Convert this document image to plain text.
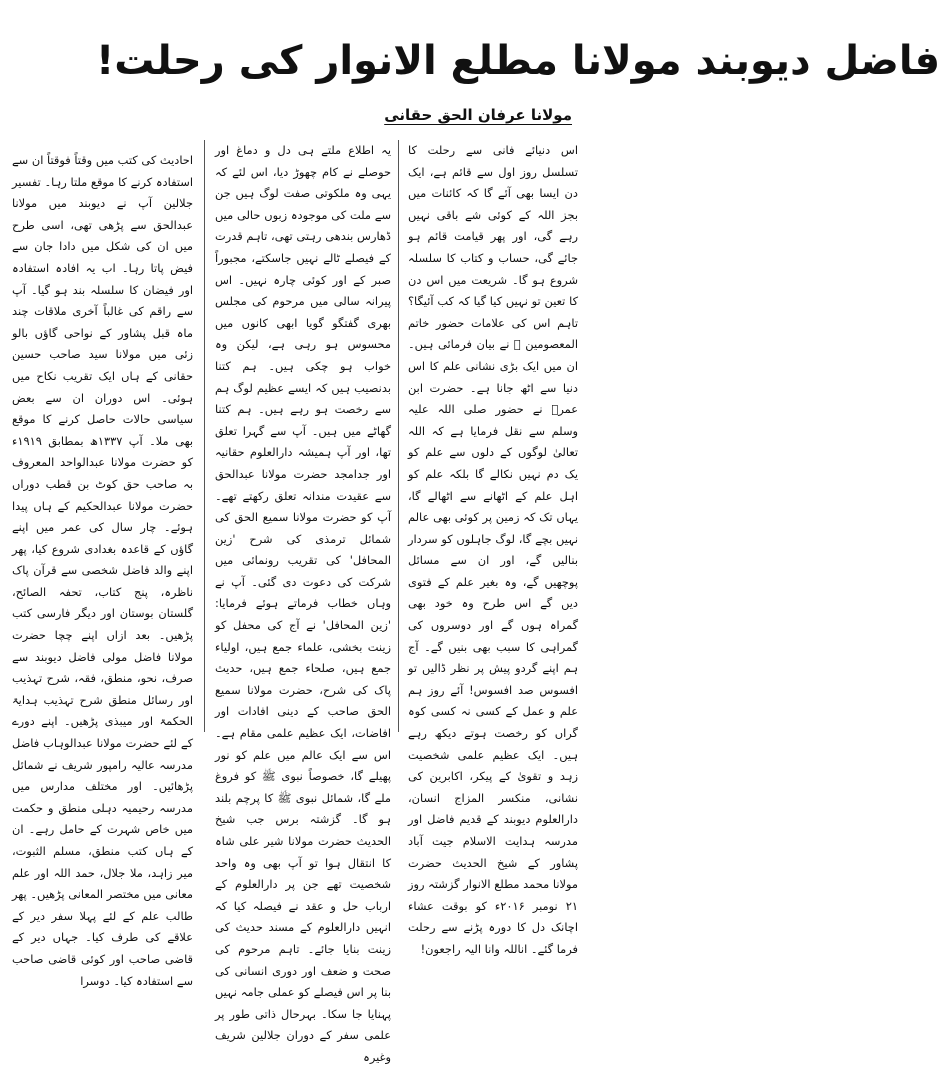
فاضل دیوبند مولانا مطلع الانوار کی رحلت!
مولانا عرفان الحق حقانی

اس دنیائے فانی سے رحلت کا تسلسل روز اول سے قائم ہے، ایک دن ایسا بھی آئے گا کہ کائنات میں بجز اللہ کے کوئی شے باقی نہیں رہے گی، اور پھر قیامت قائم ہو جائے گی، حساب و کتاب کا سلسلہ شروع ہو گا۔ شریعت میں اس دن کا تعین تو نہیں کیا گیا کہ کب آئیگا؟ تاہم اس کی علامات حضور خاتم المعصومین ﷺ نے بیان فرمائی ہیں۔ ان میں ایک بڑی نشانی علم کا اس دنیا سے اٹھ جانا ہے۔ حضرت ابن عمرؓ نے حضور صلی اللہ علیہ وسلم سے نقل فرمایا ہے کہ اللہ تعالیٰ لوگوں کے دلوں سے علم کو یک دم نہیں نکالے گا بلکہ علم کو اہل علم کے اٹھانے سے اٹھالے گا، یہاں تک کہ زمین پر کوئی بھی عالم نہیں بچے گا، لوگ جاہلوں کو سردار بنالیں گے، اور ان سے مسائل پوچھیں گے، وہ بغیر علم کے فتوی دیں گے اس طرح وہ خود بھی گمراہ ہوں گے اور دوسروں کی گمراہی کا سبب بھی بنیں گے۔ آج ہم اپنے گردو پیش پر نظر ڈالیں تو افسوس صد افسوس! آئے روز ہم علم و عمل کے کسی نہ کسی کوہ گراں کو رخصت ہوتے دیکھ رہے ہیں۔ ایک عظیم علمی شخصیت زہد و تقویٰ کے پیکر، اکابرین کی نشانی، منکسر المزاج انسان، دارالعلوم دیوبند کے قدیم فاضل اور مدرسہ ہدایت الاسلام جیت آباد پشاور کے شیخ الحدیث حضرت مولانا محمد مطلع الانوار گزشتہ روز ۲۱ نومبر ۲۰۱۶ء کو بوقت عشاء اچانک دل کا دورہ پڑنے سے رحلت فرما گئے۔ اناللہ وانا الیہ راجعون!

یہ اطلاع ملتے ہی دل و دماغ اور حوصلے نے کام چھوڑ دیا، اس لئے کہ یہی وہ ملکوتی صفت لوگ ہیں جن سے ملت کی موجودہ زبوں حالی میں ڈھارس بندھی رہتی تھی، تاہم قدرت کے فیصلے ٹالے نہیں جاسکتے، مجبوراً صبر کے اور کوئی چارہ نہیں۔ اس پیرانہ سالی میں مرحوم کی مجلس بھری گفتگو گویا ابھی کانوں میں محسوس ہو رہی ہے، لیکن وہ خواب ہو چکی ہیں۔ ہم کتنا بدنصیب ہیں کہ ایسے عظیم لوگ ہم سے رخصت ہو رہے ہیں۔ ہم کتنا گھاٹے میں ہیں۔ آپ سے گہرا تعلق تھا، اور آپ ہمیشہ دارالعلوم حقانیہ اور جدامجد حضرت مولانا عبدالحق سے عقیدت مندانہ تعلق رکھتے تھے۔ آپ کو حضرت مولانا سمیع الحق کی شمائل ترمذی کی شرح 'زین المحافل' کی تقریب رونمائی میں شرکت کی دعوت دی گئی۔ آپ نے وہاں خطاب فرماتے ہوئے فرمایا: 'زین المحافل' نے آج کی محفل کو زینت بخشی، علماء جمع ہیں، اولیاء جمع ہیں، صلحاء جمع ہیں، حدیث پاک کی شرح، حضرت مولانا سمیع الحق صاحب کے دینی افادات اور افاضات، ایک عظیم علمی مقام ہے۔ اس سے ایک عالم میں علم کو نور پھیلے گا، خصوصاً نبوی ﷺ کو فروغ ملے گا، شمائل نبوی ﷺ کا پرچم بلند ہو گا۔ گزشتہ برس جب شیخ الحدیث حضرت مولانا شیر علی شاہ کا انتقال ہوا تو آپ بھی وہ واحد شخصیت تھے جن پر دارالعلوم کے ارباب حل و عقد نے فیصلہ کیا کہ انہیں دارالعلوم کے مسند حدیث کی زینت بنایا جائے۔ تاہم مرحوم کی صحت و ضعف اور دوری انسانی کی بنا پر اس فیصلے کو عملی جامہ نہیں پہنایا جا سکا۔ بہرحال ذاتی طور پر علمی سفر کے دوران جلالین شریف وغیرہ

احادیث کی کتب میں وقتاً فوقتاً ان سے استفادہ کرنے کا موقع ملتا رہا۔ تفسیر جلالین آپ نے دیوبند میں مولانا عبدالحق سے پڑھی تھی، اسی طرح میں ان کی شکل میں دادا جان سے فیض پاتا رہا۔ اب یہ افادہ استفادہ اور فیضان کا سلسلہ بند ہو گیا۔ آپ سے راقم کی غالباً آخری ملاقات چند ماہ قبل پشاور کے نواحی گاؤں بالو زئی میں مولانا سید صاحب حسین حقانی کے ہاں ایک تقریب نکاح میں ہوئی۔ اس دوران ان سے بعض سیاسی حالات حاصل کرنے کا موقع بھی ملا۔ آپ ۱۳۳۷ھ بمطابق ۱۹۱۹ء کو حضرت مولانا عبدالواحد المعروف بہ صاحب حق کوٹ بن قطب دوراں حضرت مولانا عبدالحکیم کے ہاں پیدا ہوئے۔ چار سال کی عمر میں اپنے گاؤں کے قاعدہ بغدادی شروع کیا، پھر اپنے والد فاضل شخصی سے قرآن پاک ناظرہ، پنج کتاب، تحفہ الصائح، گلستان بوستان اور دیگر فارسی کتب پڑھیں۔ بعد ازاں اپنے چچا حضرت مولانا فاضل مولی فاضل دیوبند سے صرف، نحو، منطق، فقہ، شرح تہذیب اور رسائل منطق شرح تہذیب ہدایۃ الحکمۃ اور میبذی پڑھیں۔ اپنے دورے کے لئے حضرت مولانا عبدالوہاب فاضل مدرسہ عالیہ رامپور شریف نے شمائل پڑھائیں۔ اور مختلف مدارس میں مدرسہ رحیمیہ دہلی منطق و حکمت میں خاص شہرت کے حامل رہے۔ ان کے ہاں کتب منطق، مسلم الثبوت، میر زاہد، ملا جلال، حمد اللہ اور علم معانی میں مختصر المعانی پڑھیں۔ پھر طالب علم کے لئے پہلا سفر دیر کے علاقے کی طرف کیا۔ جہاں دیر کے قاضی صاحب اور کوئی قاضی صاحب سے استفادہ کیا۔ دوسرا
